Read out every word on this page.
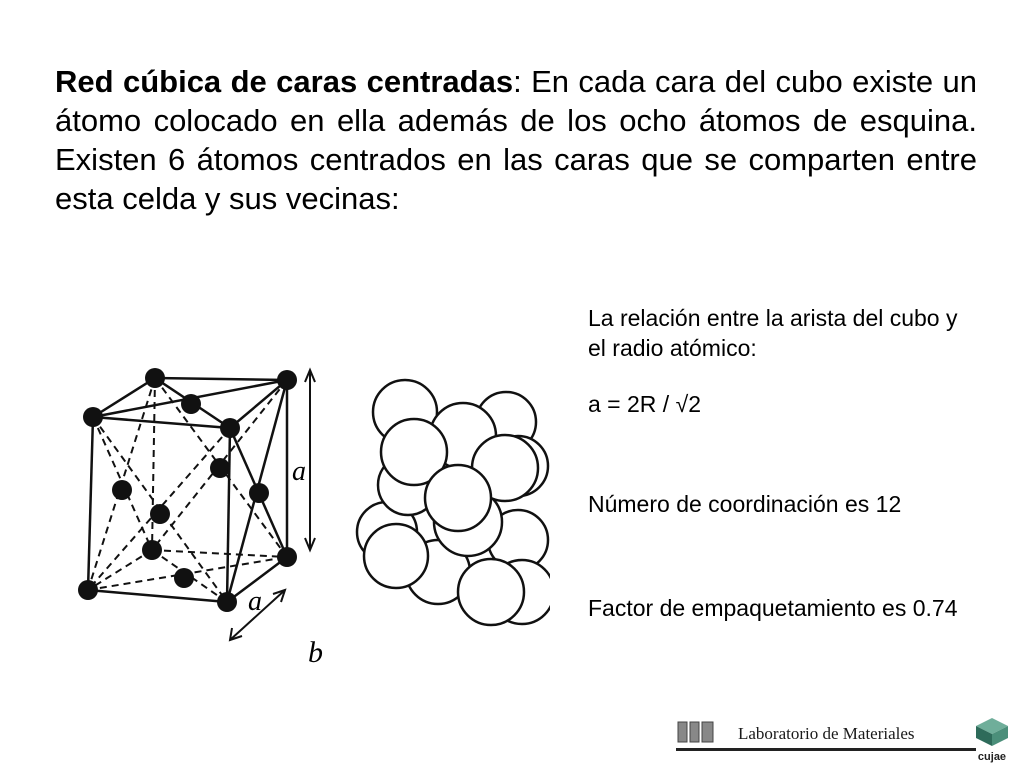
Red cúbica de caras centradas: En cada cara del cubo existe un átomo colocado en ella además de los ocho átomos de esquina. Existen 6 átomos centrados en las caras que se comparten entre esta celda y sus vecinas:

a
a
b

La relación entre la arista del cubo y el radio atómico:

a = 2R / √2

Número de coordinación es 12

Factor de empaquetamiento es 0.74

Laboratorio de Materiales
cujae
